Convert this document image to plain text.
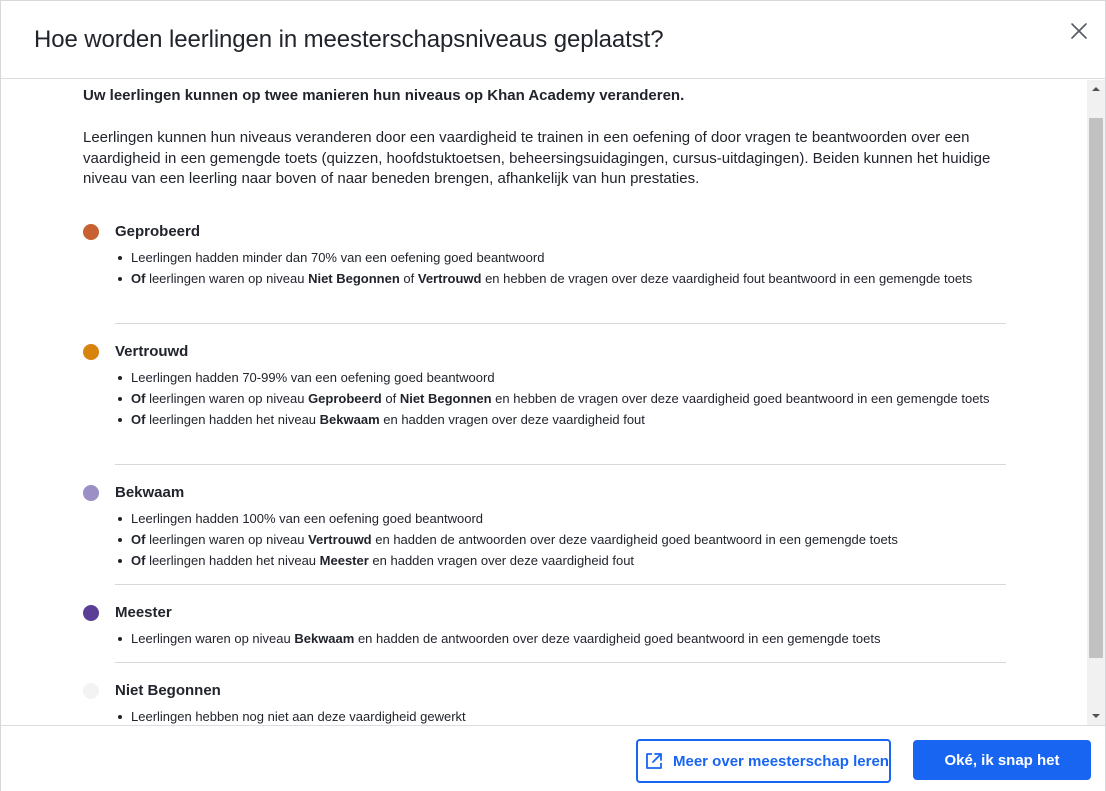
Hoe worden leerlingen in meesterschapsniveaus geplaatst?

Uw leerlingen kunnen op twee manieren hun niveaus op Khan Academy veranderen.

Leerlingen kunnen hun niveaus veranderen door een vaardigheid te trainen in een oefening of door vragen te beantwoorden over een vaardigheid in een gemengde toets (quizzen, hoofdstuktoetsen, beheersingsuidagingen, cursus-uitdagingen). Beiden kunnen het huidige niveau van een leerling naar boven of naar beneden brengen, afhankelijk van hun prestaties.

Geprobeerd
Leerlingen hadden minder dan 70% van een oefening goed beantwoord
Of leerlingen waren op niveau Niet Begonnen of Vertrouwd en hebben de vragen over deze vaardigheid fout beantwoord in een gemengde toets
Vertrouwd
Leerlingen hadden 70-99% van een oefening goed beantwoord
Of leerlingen waren op niveau Geprobeerd of Niet Begonnen en hebben de vragen over deze vaardigheid goed beantwoord in een gemengde toets
Of leerlingen hadden het niveau Bekwaam en hadden vragen over deze vaardigheid fout
Bekwaam
Leerlingen hadden 100% van een oefening goed beantwoord
Of leerlingen waren op niveau Vertrouwd en hadden de antwoorden over deze vaardigheid goed beantwoord in een gemengde toets
Of leerlingen hadden het niveau Meester en hadden vragen over deze vaardigheid fout
Meester
Leerlingen waren op niveau Bekwaam en hadden de antwoorden over deze vaardigheid goed beantwoord in een gemengde toets
Niet Begonnen
Leerlingen hebben nog niet aan deze vaardigheid gewerkt
Meer over meesterschap leren	Oké, ik snap het
